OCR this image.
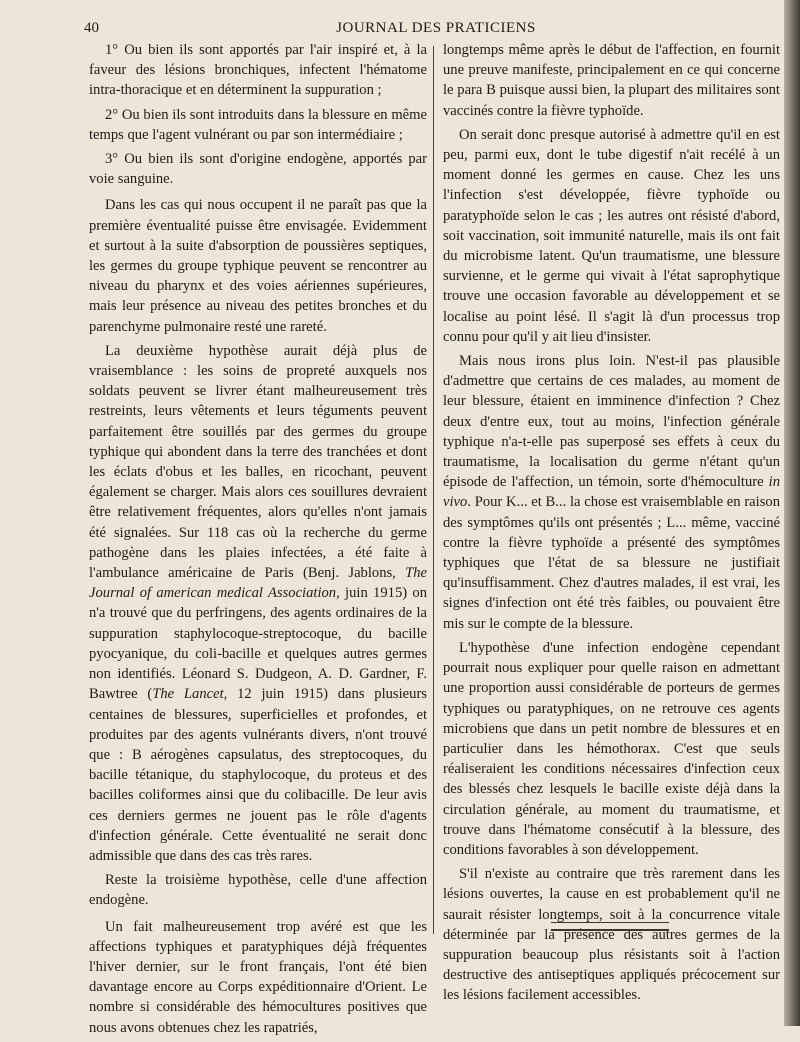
40	JOURNAL DES PRATICIENS

1° Ou bien ils sont apportés par l'air inspiré et, à la faveur des lésions bronchiques, infectent l'hématome intra-thoracique et en déterminent la suppuration ;

2° Ou bien ils sont introduits dans la blessure en même temps que l'agent vulnérant ou par son intermédiaire ;

3° Ou bien ils sont d'origine endogène, apportés par voie sanguine.

Dans les cas qui nous occupent il ne paraît pas que la première éventualité puisse être envisagée. Evidemment et surtout à la suite d'absorption de poussières septiques, les germes du groupe typhique peuvent se rencontrer au niveau du pharynx et des voies aériennes supérieures, mais leur présence au niveau des petites bronches et du parenchyme pulmonaire resté une rareté.

La deuxième hypothèse aurait déjà plus de vraisemblance : les soins de propreté auxquels nos soldats peuvent se livrer étant malheureusement très restreints, leurs vêtements et leurs téguments peuvent parfaitement être souillés par des germes du groupe typhique qui abondent dans la terre des tranchées et dont les éclats d'obus et les balles, en ricochant, peuvent également se charger. Mais alors ces souillures devraient être relativement fréquentes, alors qu'elles n'ont jamais été signalées. Sur 118 cas où la recherche du germe pathogène dans les plaies infectées, a été faite à l'ambulance américaine de Paris (Benj. Jablons, The Journal of american medical Association, juin 1915) on n'a trouvé que du perfringens, des agents ordinaires de la suppuration staphylocoque-streptocoque, du bacille pyocyanique, du coli-bacille et quelques autres germes non identifiés. Léonard S. Dudgeon, A. D. Gardner, F. Bawtree (The Lancet, 12 juin 1915) dans plusieurs centaines de blessures, superficielles et profondes, et produites par des agents vulnérants divers, n'ont trouvé que : B aérogènes capsulatus, des streptocoques, du bacille tétanique, du staphylocoque, du proteus et des bacilles coliformes ainsi que du colibacille. De leur avis ces derniers germes ne jouent pas le rôle d'agents d'infection générale. Cette éventualité ne serait donc admissible que dans des cas très rares.

Reste la troisième hypothèse, celle d'une affection endogène.

Un fait malheureusement trop avéré est que les affections typhiques et paratyphiques déjà fréquentes l'hiver dernier, sur le front français, l'ont été bien davantage encore au Corps expéditionnaire d'Orient. Le nombre si considérable des hémocultures positives que nous avons obtenues chez les rapatriés,

longtemps même après le début de l'affection, en fournit une preuve manifeste, principalement en ce qui concerne le para B puisque aussi bien, la plupart des militaires sont vaccinés contre la fièvre typhoïde.

On serait donc presque autorisé à admettre qu'il en est peu, parmi eux, dont le tube digestif n'ait recélé à un moment donné les germes en cause. Chez les uns l'infection s'est développée, fièvre typhoïde ou paratyphoïde selon le cas ; les autres ont résisté d'abord, soit vaccination, soit immunité naturelle, mais ils ont fait du microbisme latent. Qu'un traumatisme, une blessure survienne, et le germe qui vivait à l'état saprophytique trouve une occasion favorable au développement et se localise au point lésé. Il s'agit là d'un processus trop connu pour qu'il y ait lieu d'insister.

Mais nous irons plus loin. N'est-il pas plausible d'admettre que certains de ces malades, au moment de leur blessure, étaient en imminence d'infection ? Chez deux d'entre eux, tout au moins, l'infection générale typhique n'a-t-elle pas superposé ses effets à ceux du traumatisme, la localisation du germe n'étant qu'un épisode de l'affection, un témoin, sorte d'hémoculture in vivo. Pour K... et B... la chose est vraisemblable en raison des symptômes qu'ils ont présentés ; L... même, vacciné contre la fièvre typhoïde a présenté des symptômes typhiques que l'état de sa blessure ne justifiait qu'insuffisamment. Chez d'autres malades, il est vrai, les signes d'infection ont été très faibles, ou pouvaient être mis sur le compte de la blessure.

L'hypothèse d'une infection endogène cependant pourrait nous expliquer pour quelle raison en admettant une proportion aussi considérable de porteurs de germes typhiques ou paratyphiques, on ne retrouve ces agents microbiens que dans un petit nombre de blessures et en particulier dans les hémothorax. C'est que seuls réaliseraient les conditions nécessaires d'infection ceux des blessés chez lesquels le bacille existe déjà dans la circulation générale, au moment du traumatisme, et trouve dans l'hématome consécutif à la blessure, des conditions favorables à son développement.

S'il n'existe au contraire que très rarement dans les lésions ouvertes, la cause en est probablement qu'il ne saurait résister longtemps, soit à la concurrence vitale déterminée par la présence des autres germes de la suppuration beaucoup plus résistants soit à l'action destructive des antiseptiques appliqués précocement sur les lésions facilement accessibles.
